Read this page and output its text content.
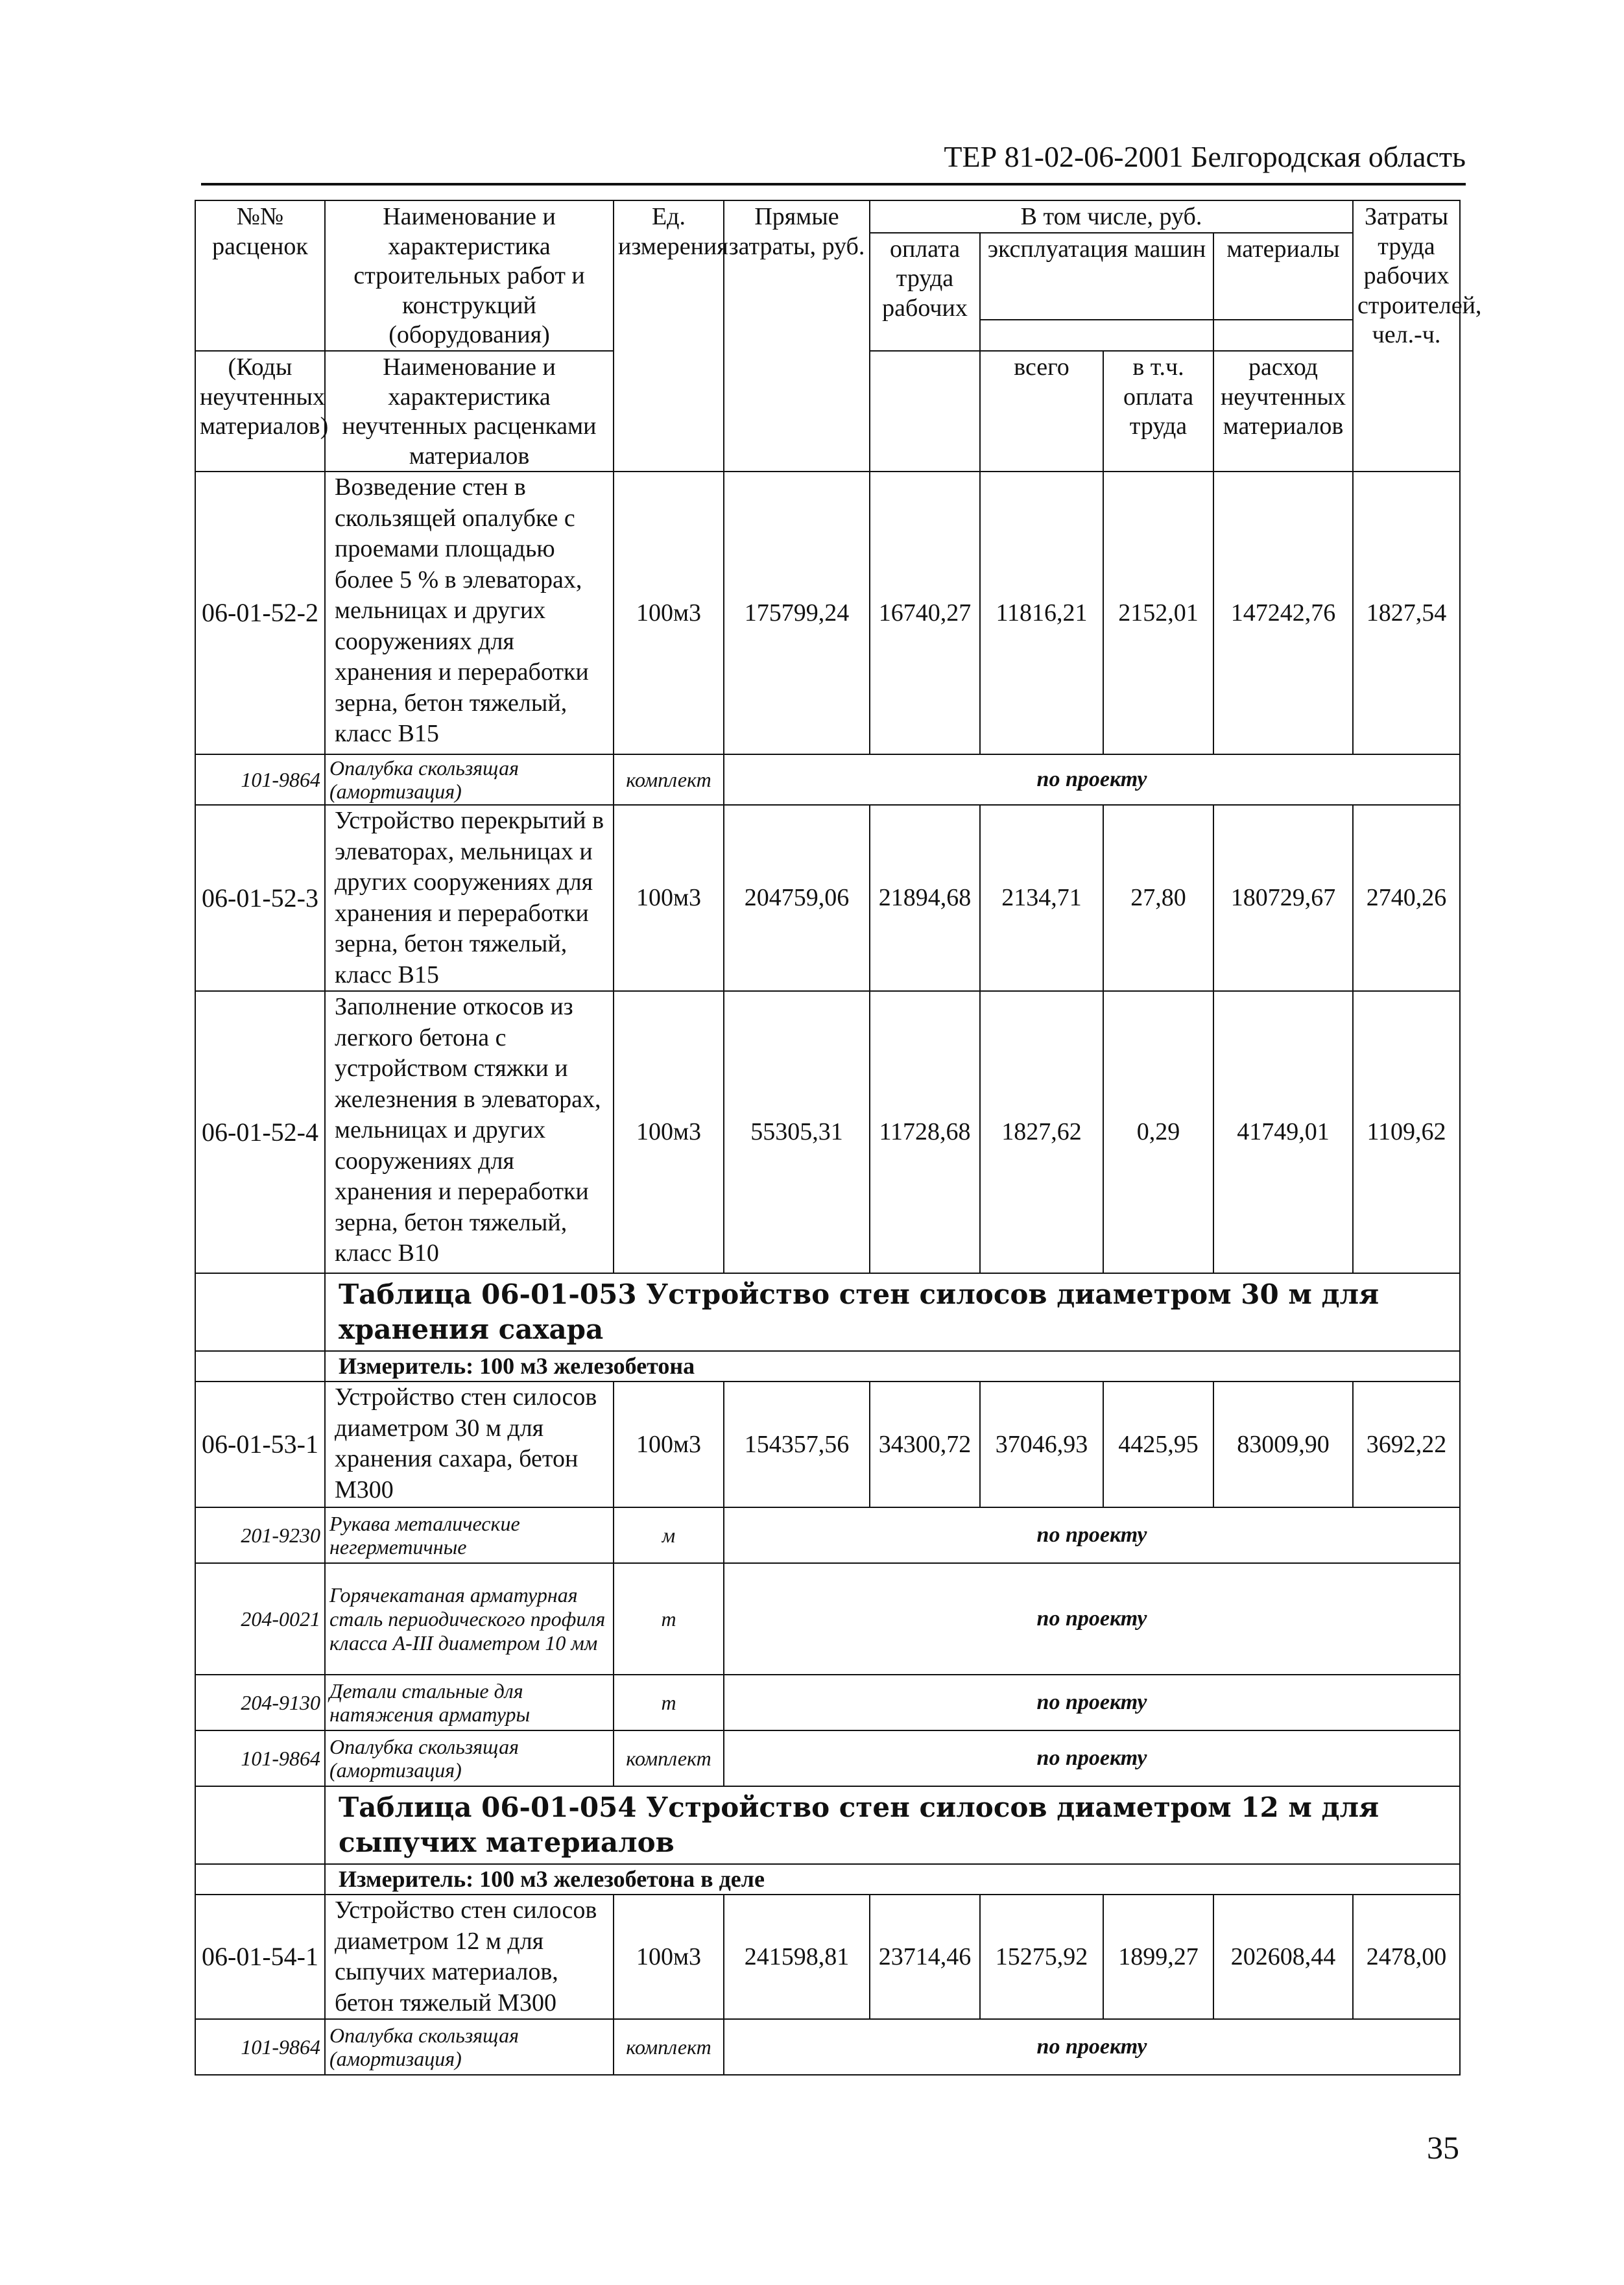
ТЕР 81-02-06-2001 Белгородская область
№№ расценок	Наименование и характеристика строительных работ и конструкций (оборудования)	Ед. измерения	Прямые затраты, руб.	В том числе, руб.				Затраты труда рабочих строителей, чел.-ч.
				оплата труда рабочих	эксплуатация машин		материалы	

(Коды неучтенных материалов)	Наименование и характеристика неучтенных расценками материалов				всего	в т.ч. оплата труда	расход неучтенных материалов	

06-01-52-2	Возведение стен в скользящей опалубке с проемами площадью более 5 % в элеваторах, мельницах и других сооружениях для хранения и переработки зерна, бетон тяжелый, класс В15	100м3	175799,24	16740,27	11816,21	2152,01	147242,76	1827,54
101-9864	Опалубка скользящая (амортизация)	комплект	по проекту					
06-01-52-3	Устройство перекрытий в элеваторах, мельницах и других сооружениях для хранения и переработки зерна, бетон тяжелый, класс В15	100м3	204759,06	21894,68	2134,71	27,80	180729,67	2740,26
06-01-52-4	Заполнение откосов из легкого бетона с устройством стяжки и железнения в элеваторах, мельницах и других сооружениях для хранения и переработки зерна, бетон тяжелый, класс В10	100м3	55305,31	11728,68	1827,62	0,29	41749,01	1109,62
	Таблица 06-01-053 Устройство стен силосов диаметром 30 м для хранения сахара							
	Измеритель: 100 м3 железобетона							
06-01-53-1	Устройство стен силосов диаметром 30 м для хранения сахара, бетон М300	100м3	154357,56	34300,72	37046,93	4425,95	83009,90	3692,22
201-9230	Рукава металические негерметичные	м	по проекту					
204-0021	Горячекатаная арматурная сталь периодического профиля класса А-III диаметром 10 мм	т	по проекту					
204-9130	Детали стальные для натяжения арматуры	т	по проекту					
101-9864	Опалубка скользящая (амортизация)	комплект	по проекту					
	Таблица 06-01-054 Устройство стен силосов диаметром 12 м для сыпучих материалов							
	Измеритель: 100 м3 железобетона в деле							
06-01-54-1	Устройство стен силосов диаметром 12 м для сыпучих материалов, бетон тяжелый М300	100м3	241598,81	23714,46	15275,92	1899,27	202608,44	2478,00
101-9864	Опалубка скользящая (амортизация)	комплект	по проекту					
35
